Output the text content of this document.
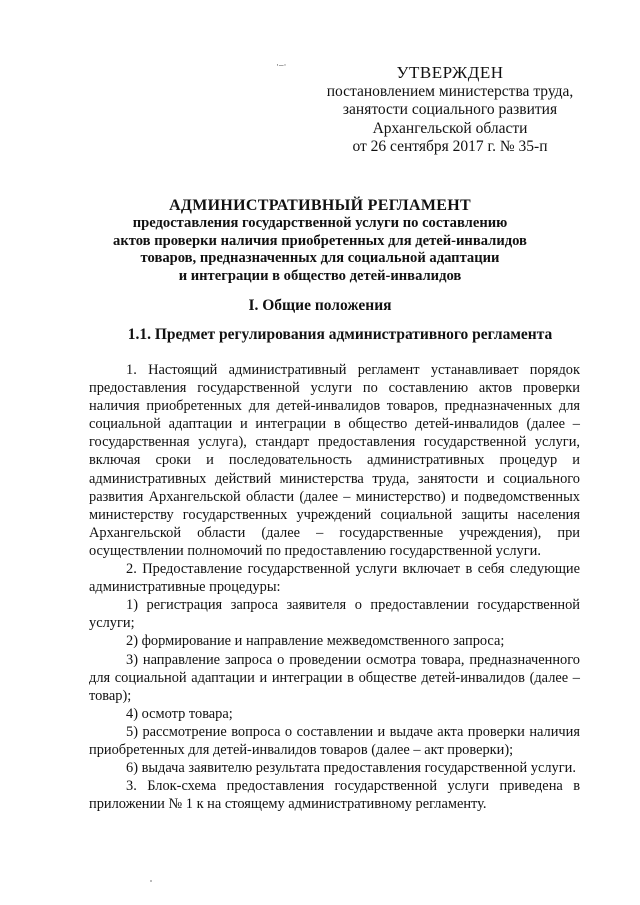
·–·	УТВЕРЖДЕН
постановлением министерства труда,
занятости социального развития
Архангельской области
от 26 сентября 2017 г. № 35-п
АДМИНИСТРАТИВНЫЙ РЕГЛАМЕНТ
предоставления государственной услуги по составлению
актов проверки наличия приобретенных для детей-инвалидов
товаров, предназначенных для социальной адаптации
и интеграции в общество детей-инвалидов
I. Общие положения
1.1. Предмет регулирования административного регламента

1. Настоящий административный регламент устанавливает порядок предоставления государственной услуги по составлению актов проверки наличия приобретенных для детей-инвалидов товаров, предназначенных для социальной адаптации и интеграции в общество детей-инвалидов (далее – государственная услуга), стандарт предоставления государственной услуги, включая сроки и последовательность административных процедур и административных действий министерства труда, занятости и социального развития Архангельской области (далее – министерство) и подведомственных министерству государственных учреждений социальной защиты населения Архангельской области (далее – государственные учреждения), при осуществлении полномочий по предоставлению государственной услуги.

2. Предоставление государственной услуги включает в себя следующие административные процедуры:

1) регистрация запроса заявителя о предоставлении государственной услуги;

2) формирование и направление межведомственного запроса;

3) направление запроса о проведении осмотра товара, предназначенного для социальной адаптации и интеграции в обществе детей-инвалидов (далее – товар);

4) осмотр товара;

5) рассмотрение вопроса о составлении и выдаче акта проверки наличия приобретенных для детей-инвалидов товаров (далее – акт проверки);

6) выдача заявителю результата предоставления государственной услуги.

3. Блок-схема предоставления государственной услуги приведена в приложении № 1 к на стоящему административному регламенту.
